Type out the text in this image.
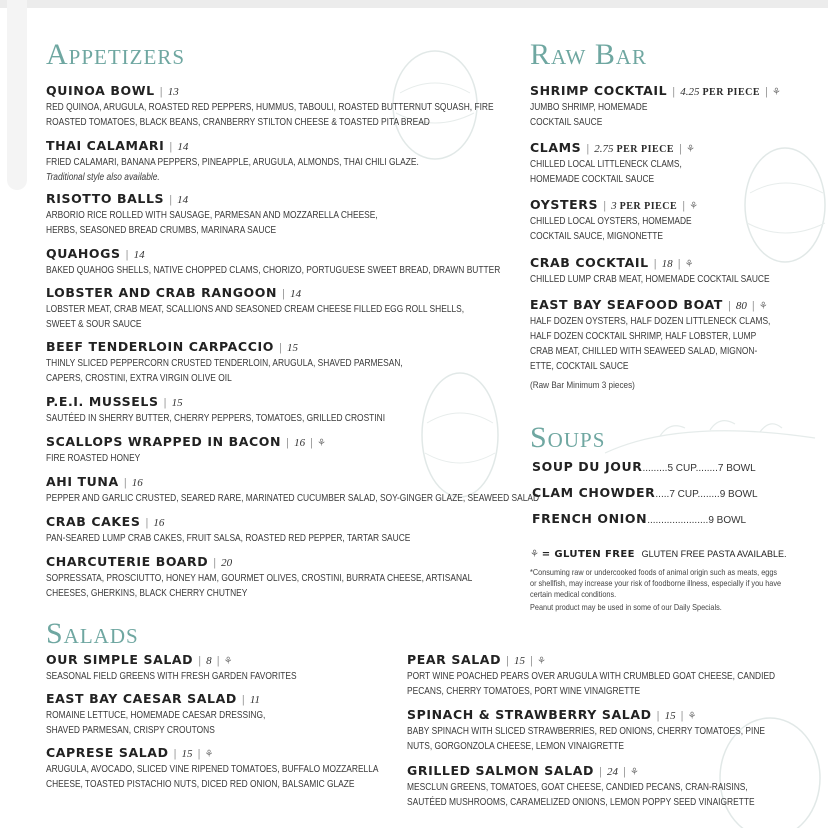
Appetizers	Raw Bar
Soups
Salads
QUINOA BOWL | 13
RED QUINOA, ARUGULA, ROASTED RED PEPPERS, HUMMUS, TABOULI, ROASTED BUTTERNUT SQUASH, FIRE
ROASTED TOMATOES, BLACK BEANS, CRANBERRY STILTON CHEESE & TOASTED PITA BREAD
THAI CALAMARI | 14
FRIED CALAMARI, BANANA PEPPERS, PINEAPPLE, ARUGULA, ALMONDS, THAI CHILI GLAZE.
Traditional style also available.
RISOTTO BALLS | 14
ARBORIO RICE ROLLED WITH SAUSAGE, PARMESAN AND MOZZARELLA CHEESE,
HERBS, SEASONED BREAD CRUMBS, MARINARA SAUCE
QUAHOGS | 14
BAKED QUAHOG SHELLS, NATIVE CHOPPED CLAMS, CHORIZO, PORTUGUESE SWEET BREAD, DRAWN BUTTER
LOBSTER AND CRAB RANGOON | 14
LOBSTER MEAT, CRAB MEAT, SCALLIONS AND SEASONED CREAM CHEESE FILLED EGG ROLL SHELLS,
SWEET & SOUR SAUCE
BEEF TENDERLOIN CARPACCIO | 15
THINLY SLICED PEPPERCORN CRUSTED TENDERLOIN, ARUGULA, SHAVED PARMESAN,
CAPERS, CROSTINI, EXTRA VIRGIN OLIVE OIL
P.E.I. MUSSELS | 15
SAUTÉED IN SHERRY BUTTER, CHERRY PEPPERS, TOMATOES, GRILLED CROSTINI
SCALLOPS WRAPPED IN BACON | 16 | ⚘
FIRE ROASTED HONEY
AHI TUNA | 16
PEPPER AND GARLIC CRUSTED, SEARED RARE, MARINATED CUCUMBER SALAD, SOY-GINGER GLAZE, SEAWEED SALAD
CRAB CAKES | 16
PAN-SEARED LUMP CRAB CAKES, FRUIT SALSA, ROASTED RED PEPPER, TARTAR SAUCE
CHARCUTERIE BOARD | 20
SOPRESSATA, PROSCIUTTO, HONEY HAM, GOURMET OLIVES, CROSTINI, BURRATA CHEESE, ARTISANAL
CHEESES, GHERKINS, BLACK CHERRY CHUTNEY
SHRIMP COCKTAIL | 4.25 PER PIECE | ⚘
JUMBO SHRIMP, HOMEMADE
COCKTAIL SAUCE
CLAMS | 2.75 PER PIECE | ⚘
CHILLED LOCAL LITTLENECK CLAMS,
HOMEMADE COCKTAIL SAUCE
OYSTERS | 3 PER PIECE | ⚘
CHILLED LOCAL OYSTERS, HOMEMADE
COCKTAIL SAUCE, MIGNONETTE
CRAB COCKTAIL | 18 | ⚘
CHILLED LUMP CRAB MEAT, HOMEMADE COCKTAIL SAUCE
EAST BAY SEAFOOD BOAT | 80 | ⚘
HALF DOZEN OYSTERS, HALF DOZEN LITTLENECK CLAMS,
HALF DOZEN COCKTAIL SHRIMP, HALF LOBSTER, LUMP
CRAB MEAT, CHILLED WITH SEAWEED SALAD, MIGNON-
ETTE, COCKTAIL SAUCE
(Raw Bar Minimum 3 pieces)
SOUP DU JOUR.........5 CUP........7 BOWL
CLAM CHOWDER.....7 CUP........9 BOWL
FRENCH ONION......................9 BOWL
⚘ = GLUTEN FREE GLUTEN FREE PASTA AVAILABLE.
*Consuming raw or undercooked foods of animal origin such as meats, eggs
or shellfish, may increase your risk of foodborne illness, especially if you have
certain medical conditions.
Peanut product may be used in some of our Daily Specials.
OUR SIMPLE SALAD | 8 | ⚘
SEASONAL FIELD GREENS WITH FRESH GARDEN FAVORITES
EAST BAY CAESAR SALAD | 11
ROMAINE LETTUCE, HOMEMADE CAESAR DRESSING,
SHAVED PARMESAN, CRISPY CROUTONS
CAPRESE SALAD | 15 | ⚘
ARUGULA, AVOCADO, SLICED VINE RIPENED TOMATOES, BUFFALO MOZZARELLA
CHEESE, TOASTED PISTACHIO NUTS, DICED RED ONION, BALSAMIC GLAZE
PEAR SALAD | 15 | ⚘
PORT WINE POACHED PEARS OVER ARUGULA WITH CRUMBLED GOAT CHEESE, CANDIED
PECANS, CHERRY TOMATOES, PORT WINE VINAIGRETTE
SPINACH & STRAWBERRY SALAD | 15 | ⚘
BABY SPINACH WITH SLICED STRAWBERRIES, RED ONIONS, CHERRY TOMATOES, PINE
NUTS, GORGONZOLA CHEESE, LEMON VINAIGRETTE
GRILLED SALMON SALAD | 24 | ⚘
MESCLUN GREENS, TOMATOES, GOAT CHEESE, CANDIED PECANS, CRAN-RAISINS,
SAUTÉED MUSHROOMS, CARAMELIZED ONIONS, LEMON POPPY SEED VINAIGRETTE
